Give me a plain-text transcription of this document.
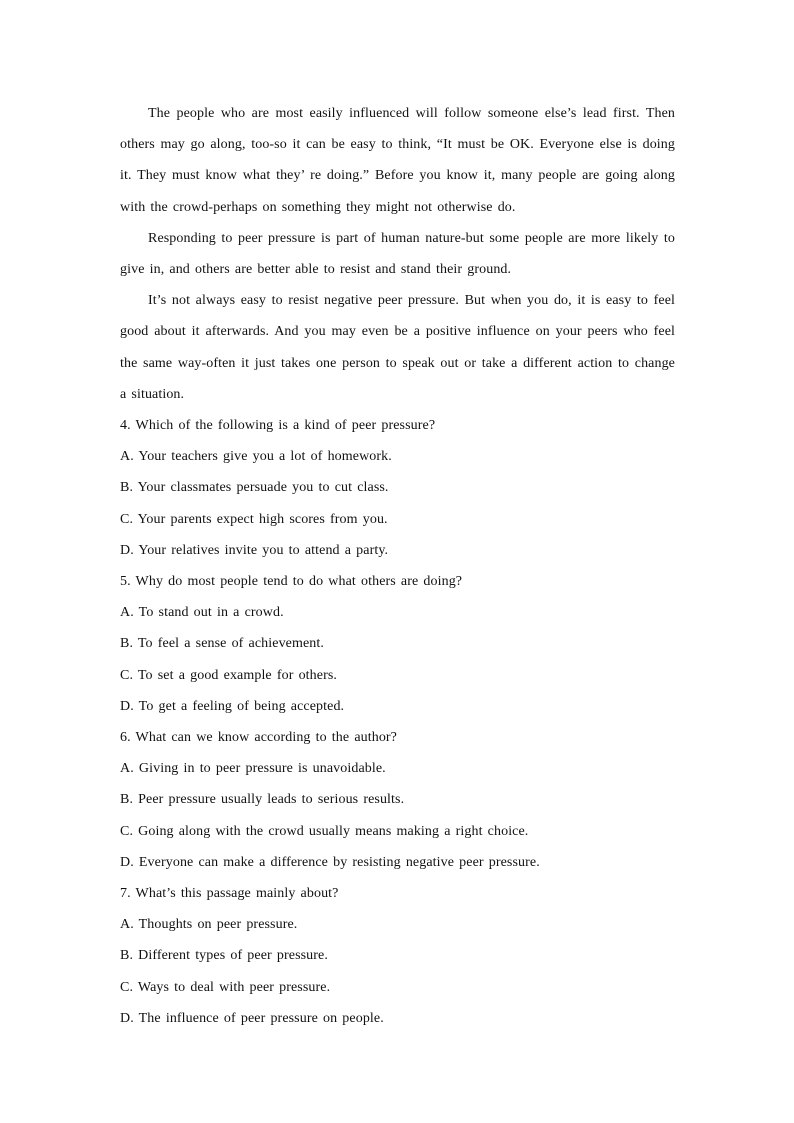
The people who are most easily influenced will follow someone else’s lead first. Then others may go along, too-so it can be easy to think, “It must be OK. Everyone else is doing it. They must know what they’ re doing.” Before you know it, many people are going along with the crowd-perhaps on something they might not otherwise do.

Responding to peer pressure is part of human nature-but some people are more likely to give in, and others are better able to resist and stand their ground.

It’s not always easy to resist negative peer pressure. But when you do, it is easy to feel good about it afterwards. And you may even be a positive influence on your peers who feel the same way-often it just takes one person to speak out or take a different action to change a situation.

4. Which of the following is a kind of peer pressure?

A. Your teachers give you a lot of homework.

B. Your classmates persuade you to cut class.

C. Your parents expect high scores from you.

D. Your relatives invite you to attend a party.

5. Why do most people tend to do what others are doing?

A. To stand out in a crowd.

B. To feel a sense of achievement.

C. To set a good example for others.

D. To get a feeling of being accepted.

6. What can we know according to the author?

A. Giving in to peer pressure is unavoidable.

B. Peer pressure usually leads to serious results.

C. Going along with the crowd usually means making a right choice.

D. Everyone can make a difference by resisting negative peer pressure.

7. What’s this passage mainly about?

A. Thoughts on peer pressure.

B. Different types of peer pressure.

C. Ways to deal with peer pressure.

D. The influence of peer pressure on people.
